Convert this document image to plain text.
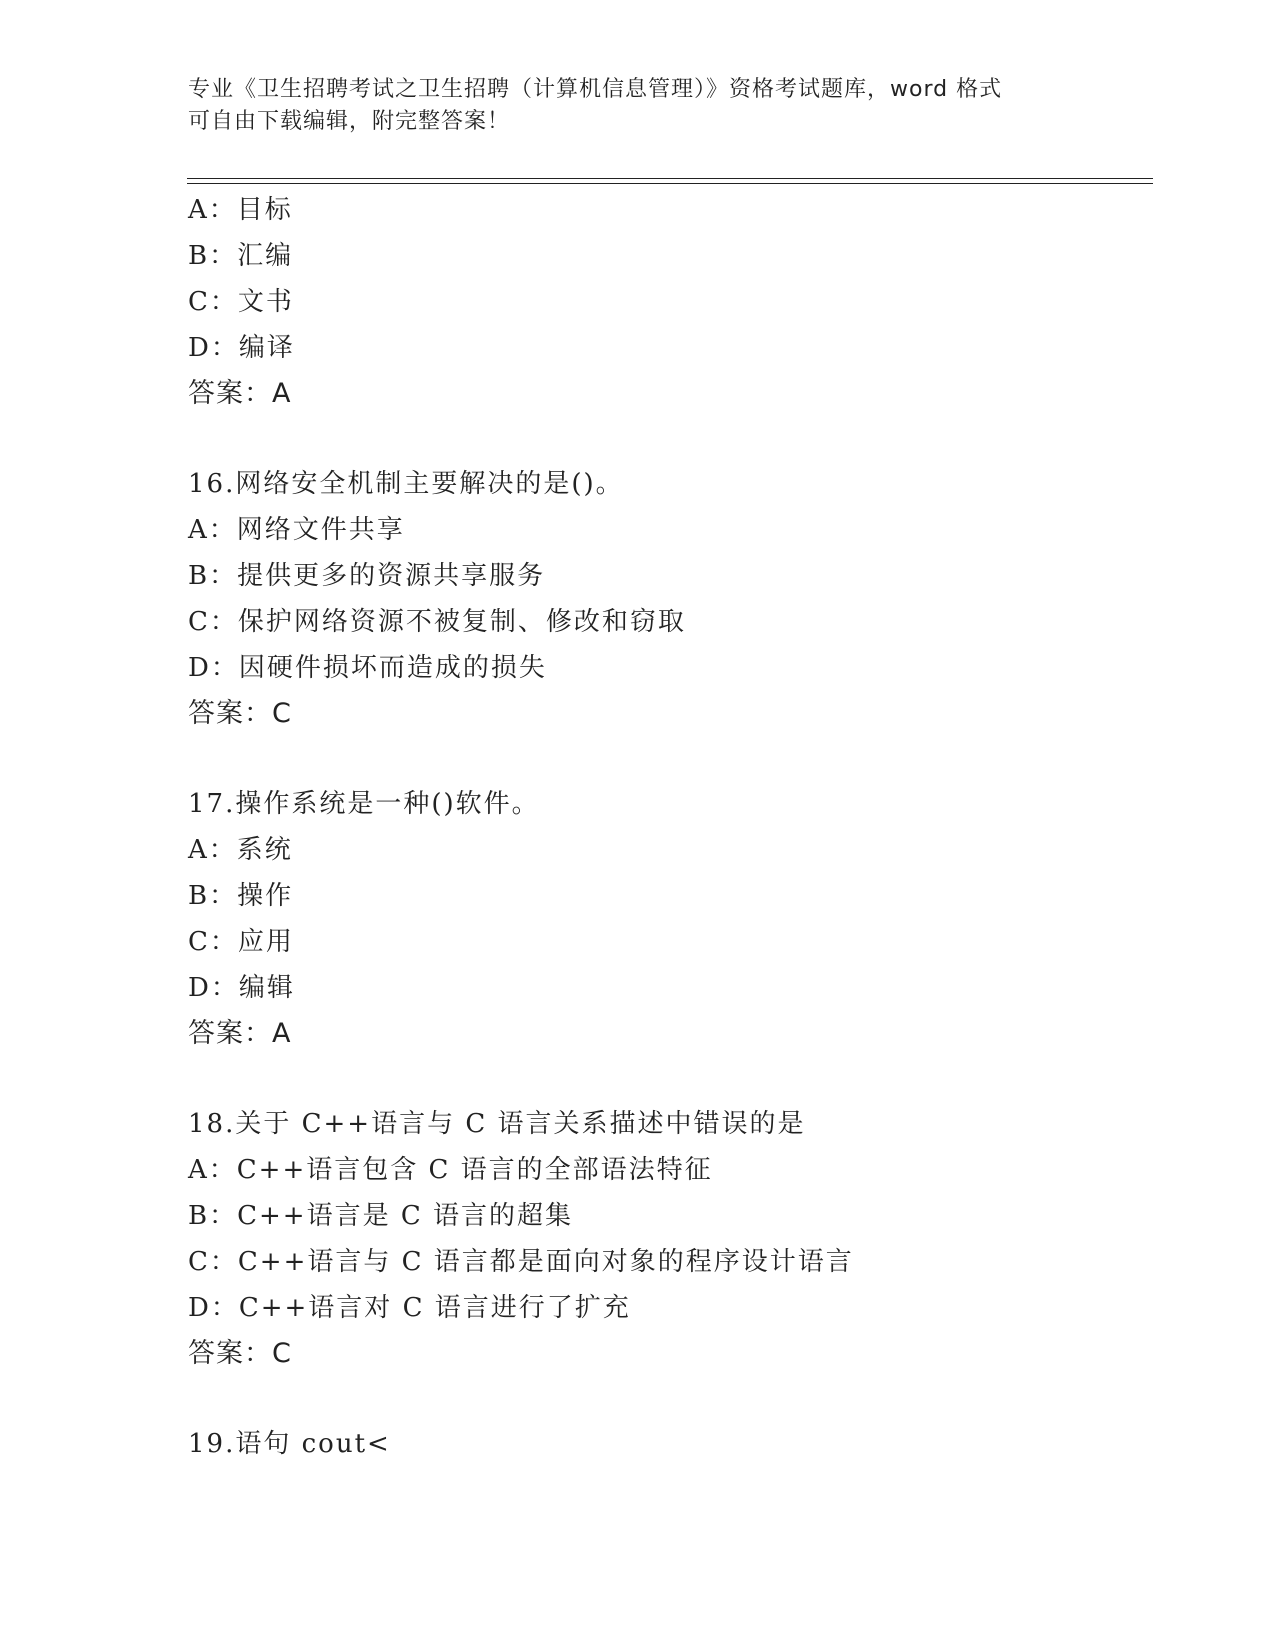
专业《卫生招聘考试之卫生招聘（计算机信息管理）》资格考试题库，word 格式
可自由下载编辑，附完整答案！
A：目标
B：汇编
C：文书
D：编译
答案：A
16.网络安全机制主要解决的是()。
A：网络文件共享
B：提供更多的资源共享服务
C：保护网络资源不被复制、修改和窃取
D：因硬件损坏而造成的损失
答案：C
17.操作系统是一种()软件。
A：系统
B：操作
C：应用
D：编辑
答案：A
18.关于 C++语言与 C 语言关系描述中错误的是
A：C++语言包含 C 语言的全部语法特征
B：C++语言是 C 语言的超集
C：C++语言与 C 语言都是面向对象的程序设计语言
D：C++语言对 C 语言进行了扩充
答案：C
19.语句 cout<
